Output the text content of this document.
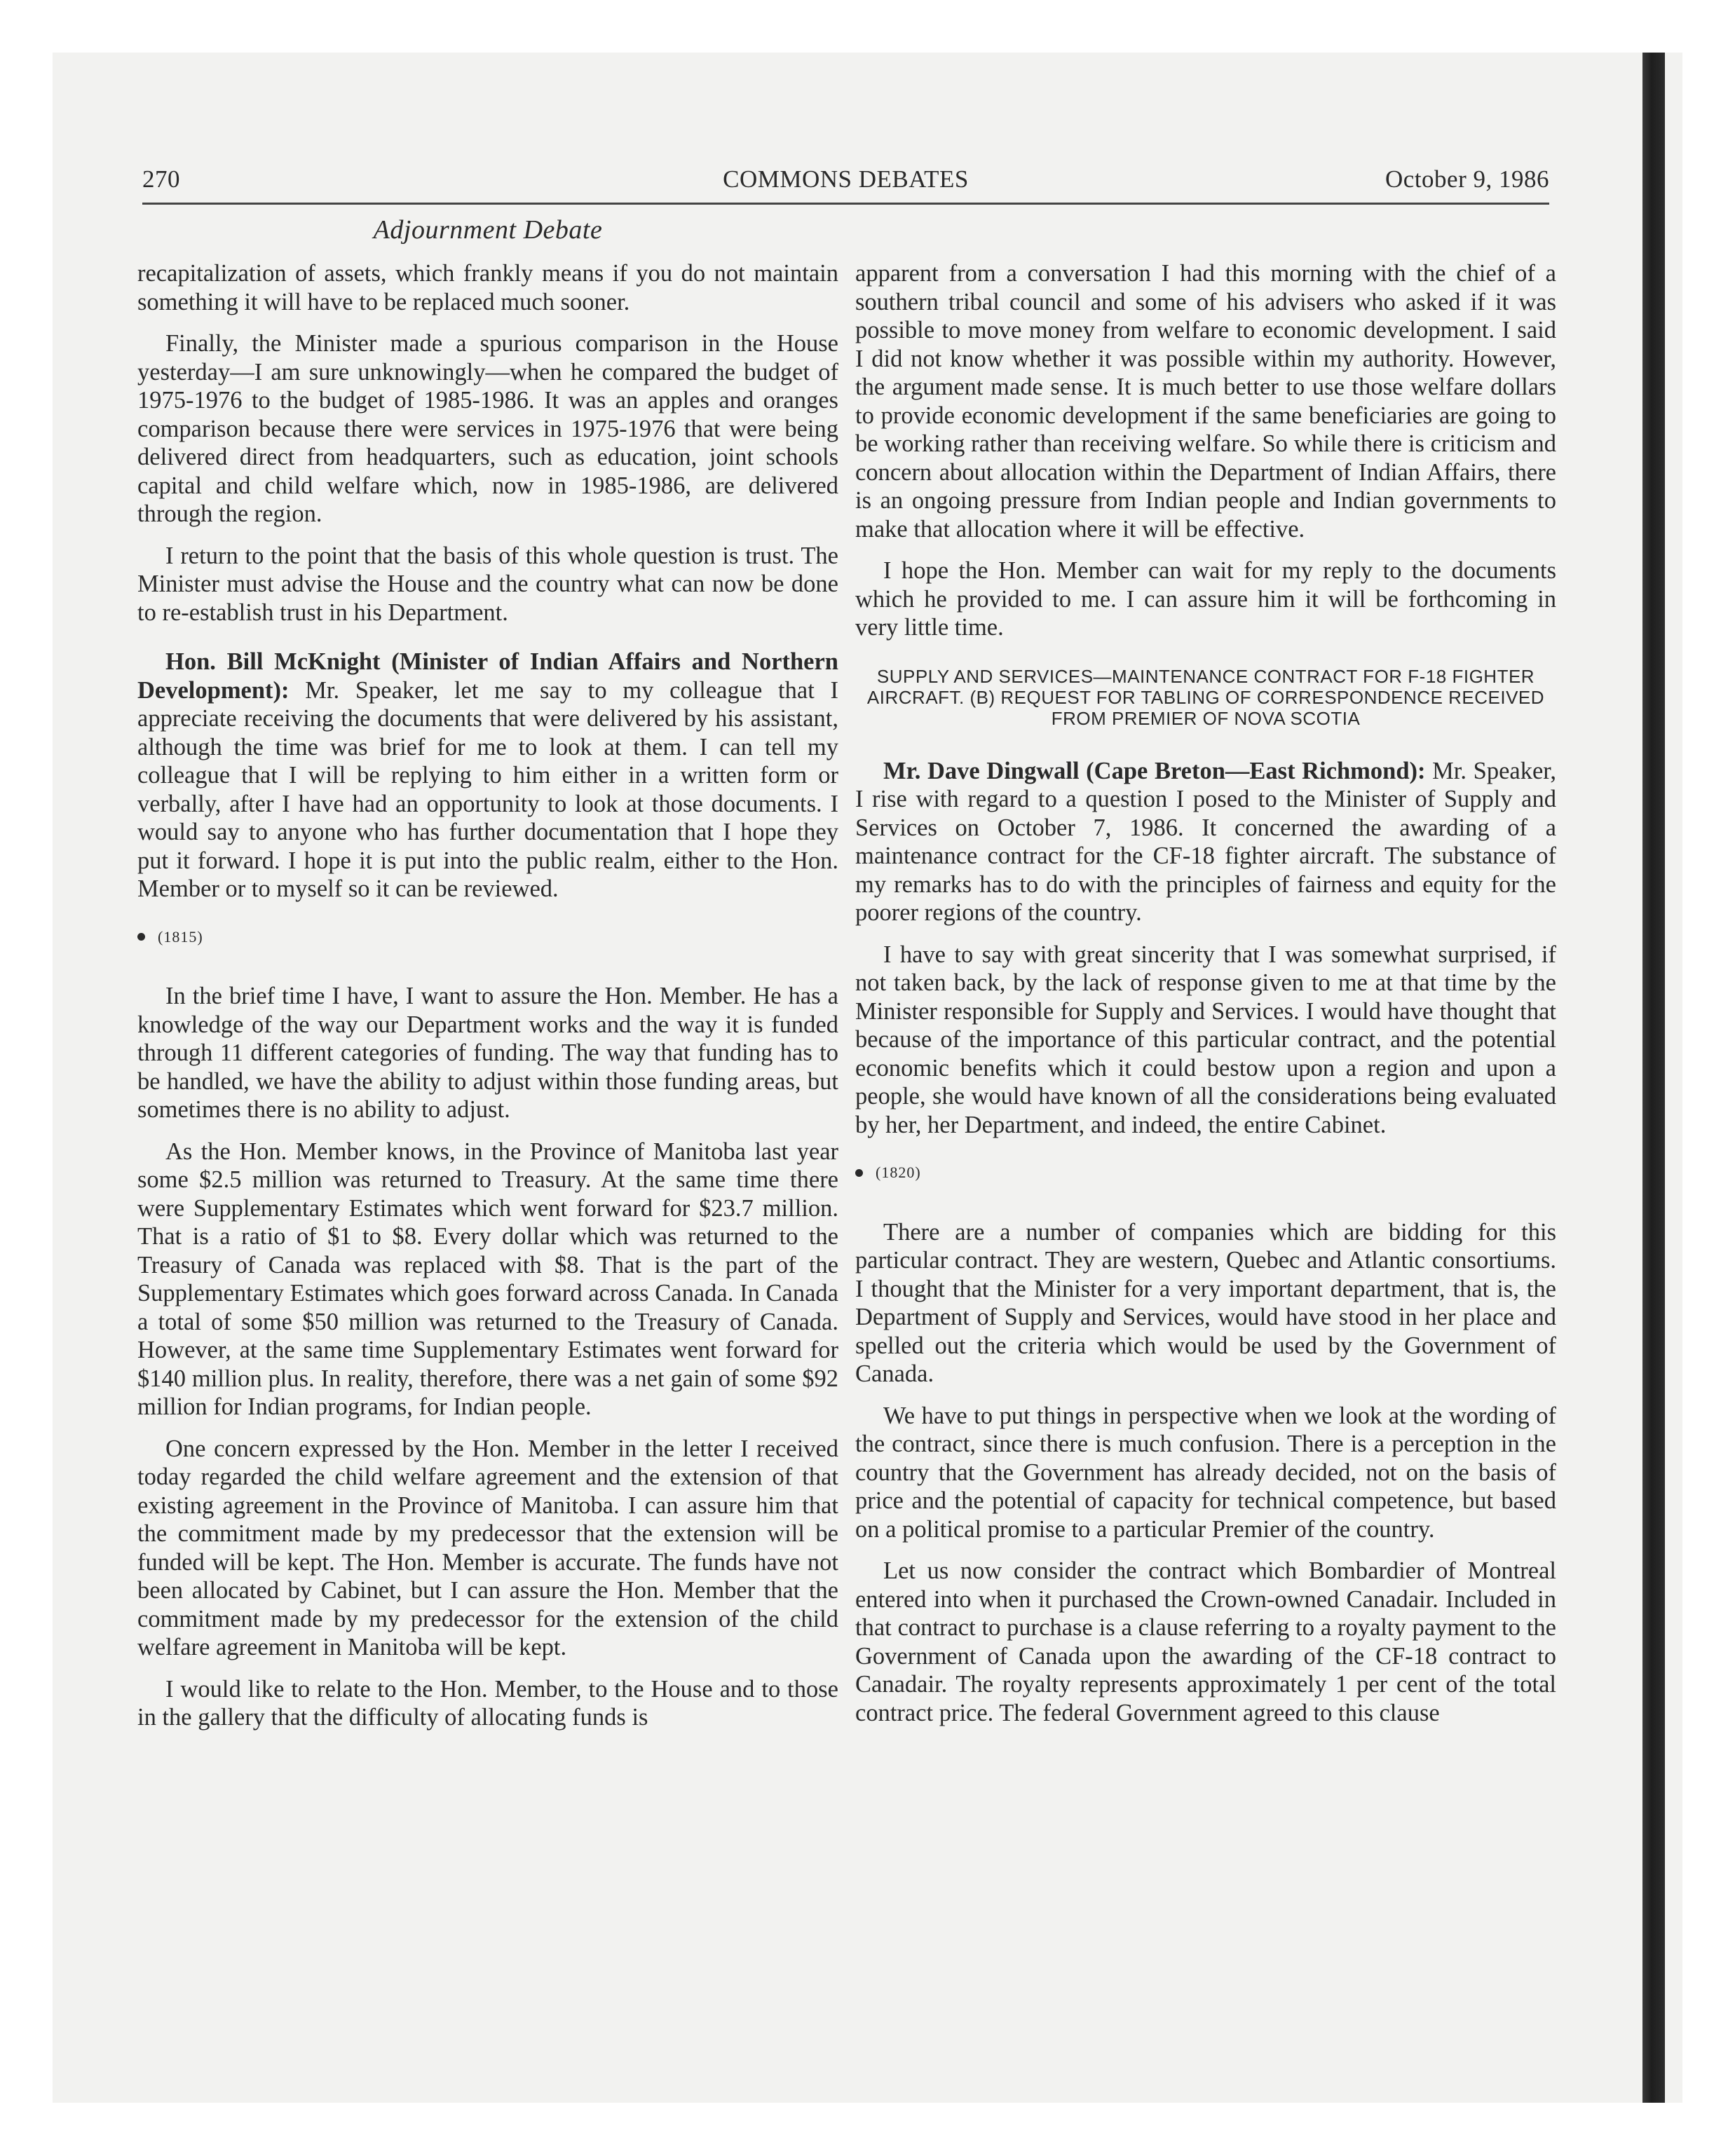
270	COMMONS DEBATES	October 9, 1986
Adjournment Debate

recapitalization of assets, which frankly means if you do not maintain something it will have to be replaced much sooner.

Finally, the Minister made a spurious comparison in the House yesterday—I am sure unknowingly—when he compared the budget of 1975-1976 to the budget of 1985-1986. It was an apples and oranges comparison because there were services in 1975-1976 that were being delivered direct from headquarters, such as education, joint schools capital and child welfare which, now in 1985-1986, are delivered through the region.

I return to the point that the basis of this whole question is trust. The Minister must advise the House and the country what can now be done to re-establish trust in his Department.

Hon. Bill McKnight (Minister of Indian Affairs and Northern Development): Mr. Speaker, let me say to my colleague that I appreciate receiving the documents that were delivered by his assistant, although the time was brief for me to look at them. I can tell my colleague that I will be replying to him either in a written form or verbally, after I have had an opportunity to look at those documents. I would say to anyone who has further documentation that I hope they put it forward. I hope it is put into the public realm, either to the Hon. Member or to myself so it can be reviewed.

(1815)

In the brief time I have, I want to assure the Hon. Member. He has a knowledge of the way our Department works and the way it is funded through 11 different categories of funding. The way that funding has to be handled, we have the ability to adjust within those funding areas, but sometimes there is no ability to adjust.

As the Hon. Member knows, in the Province of Manitoba last year some $2.5 million was returned to Treasury. At the same time there were Supplementary Estimates which went forward for $23.7 million. That is a ratio of $1 to $8. Every dollar which was returned to the Treasury of Canada was replaced with $8. That is the part of the Supplementary Estimates which goes forward across Canada. In Canada a total of some $50 million was returned to the Treasury of Canada. However, at the same time Supplementary Estimates went forward for $140 million plus. In reality, therefore, there was a net gain of some $92 million for Indian programs, for Indian people.

One concern expressed by the Hon. Member in the letter I received today regarded the child welfare agreement and the extension of that existing agreement in the Province of Manitoba. I can assure him that the commitment made by my predecessor that the extension will be funded will be kept. The Hon. Member is accurate. The funds have not been allocated by Cabinet, but I can assure the Hon. Member that the commitment made by my predecessor for the extension of the child welfare agreement in Manitoba will be kept.

I would like to relate to the Hon. Member, to the House and to those in the gallery that the difficulty of allocating funds is

apparent from a conversation I had this morning with the chief of a southern tribal council and some of his advisers who asked if it was possible to move money from welfare to economic development. I said I did not know whether it was possible within my authority. However, the argument made sense. It is much better to use those welfare dollars to provide economic development if the same beneficiaries are going to be working rather than receiving welfare. So while there is criticism and concern about allocation within the Department of Indian Affairs, there is an ongoing pressure from Indian people and Indian governments to make that allocation where it will be effective.

I hope the Hon. Member can wait for my reply to the documents which he provided to me. I can assure him it will be forthcoming in very little time.

SUPPLY AND SERVICES—MAINTENANCE CONTRACT FOR F-18 FIGHTER AIRCRAFT. (B) REQUEST FOR TABLING OF CORRESPONDENCE RECEIVED FROM PREMIER OF NOVA SCOTIA

Mr. Dave Dingwall (Cape Breton—East Richmond): Mr. Speaker, I rise with regard to a question I posed to the Minister of Supply and Services on October 7, 1986. It concerned the awarding of a maintenance contract for the CF-18 fighter aircraft. The substance of my remarks has to do with the principles of fairness and equity for the poorer regions of the country.

I have to say with great sincerity that I was somewhat surprised, if not taken back, by the lack of response given to me at that time by the Minister responsible for Supply and Services. I would have thought that because of the importance of this particular contract, and the potential economic benefits which it could bestow upon a region and upon a people, she would have known of all the considerations being evaluated by her, her Department, and indeed, the entire Cabinet.

(1820)

There are a number of companies which are bidding for this particular contract. They are western, Quebec and Atlantic consortiums. I thought that the Minister for a very important department, that is, the Department of Supply and Services, would have stood in her place and spelled out the criteria which would be used by the Government of Canada.

We have to put things in perspective when we look at the wording of the contract, since there is much confusion. There is a perception in the country that the Government has already decided, not on the basis of price and the potential of capacity for technical competence, but based on a political promise to a particular Premier of the country.

Let us now consider the contract which Bombardier of Montreal entered into when it purchased the Crown-owned Canadair. Included in that contract to purchase is a clause referring to a royalty payment to the Government of Canada upon the awarding of the CF-18 contract to Canadair. The royalty represents approximately 1 per cent of the total contract price. The federal Government agreed to this clause
